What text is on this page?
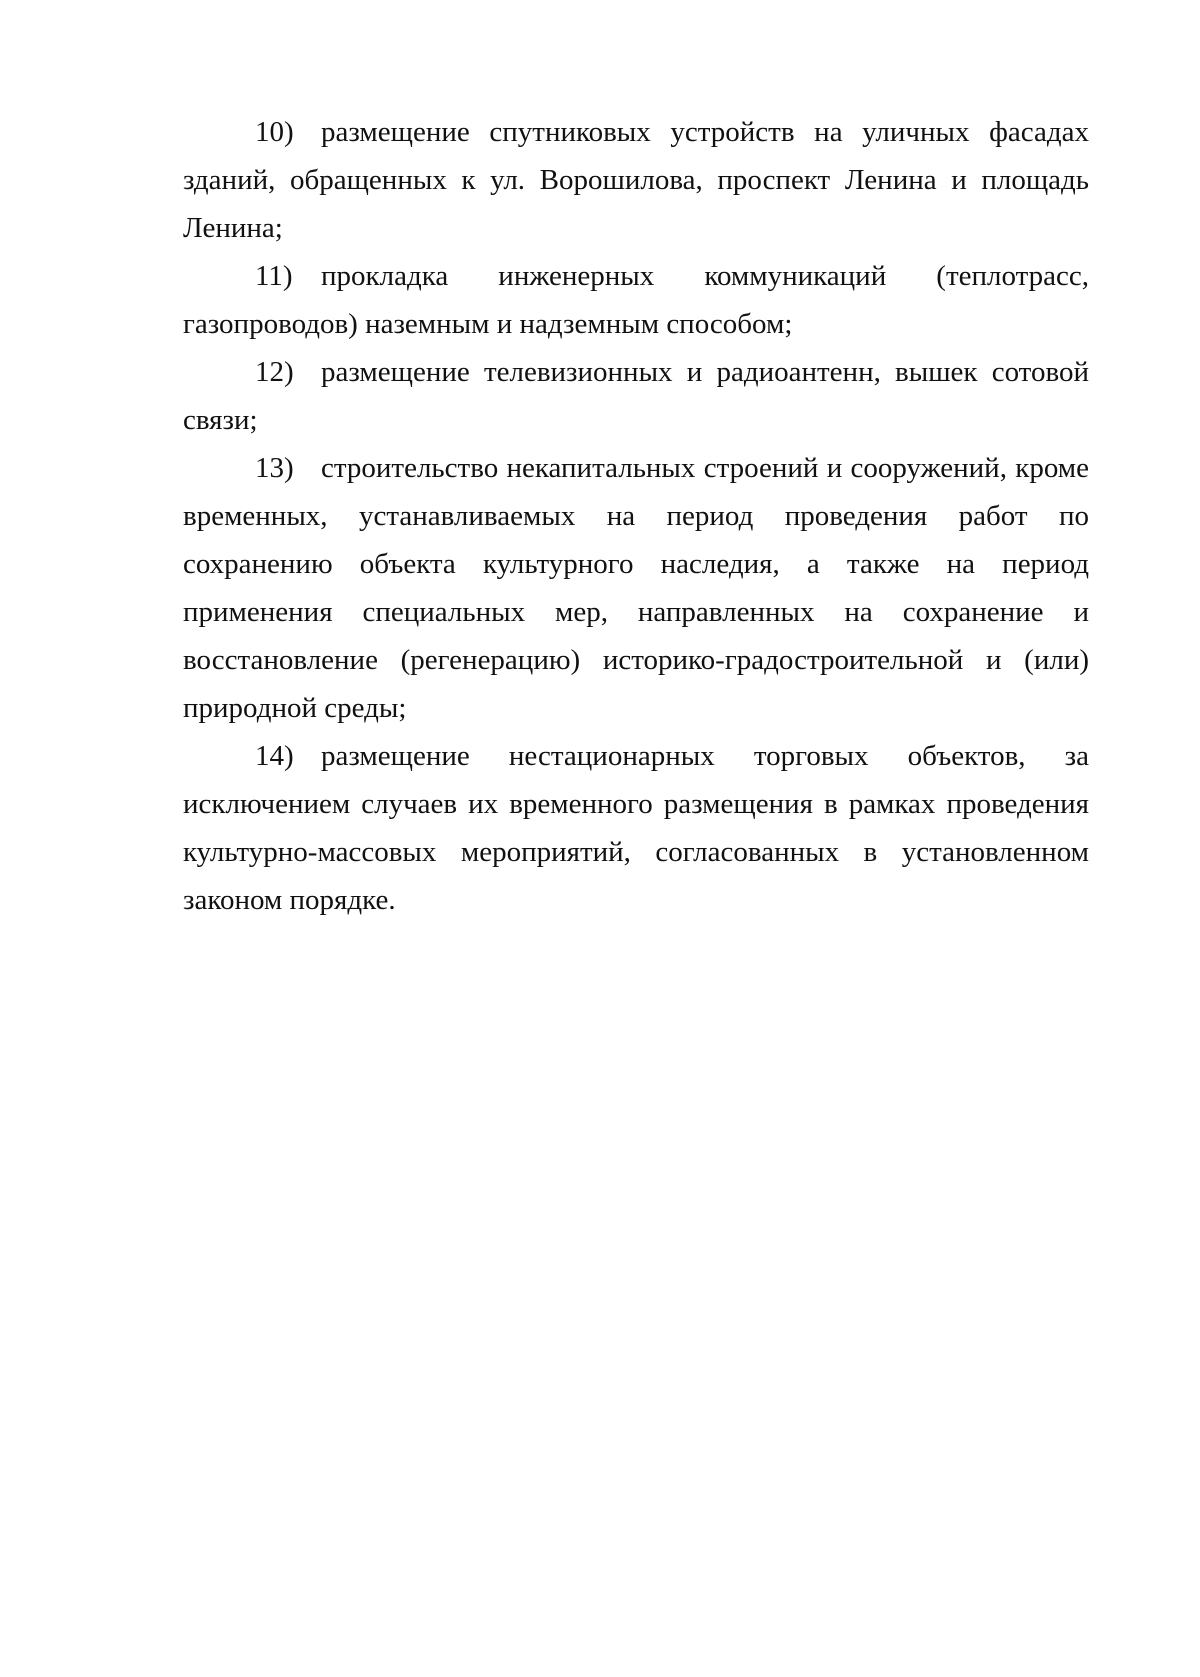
10) размещение спутниковых устройств на уличных фасадах зданий, обращенных к ул. Ворошилова, проспект Ленина и площадь Ленина;

11) прокладка инженерных коммуникаций (теплотрасс, газопроводов) наземным и надземным способом;

12) размещение телевизионных и радиоантенн, вышек сотовой связи;

13) строительство некапитальных строений и сооружений, кроме временных, устанавливаемых на период проведения работ по сохранению объекта культурного наследия, а также на период применения специальных мер, направленных на сохранение и восстановление (регенерацию) историко-градостроительной и (или) природной среды;

14) размещение нестационарных торговых объектов, за исключением случаев их временного размещения в рамках проведения культурно-массовых мероприятий, согласованных в установленном законом порядке.
